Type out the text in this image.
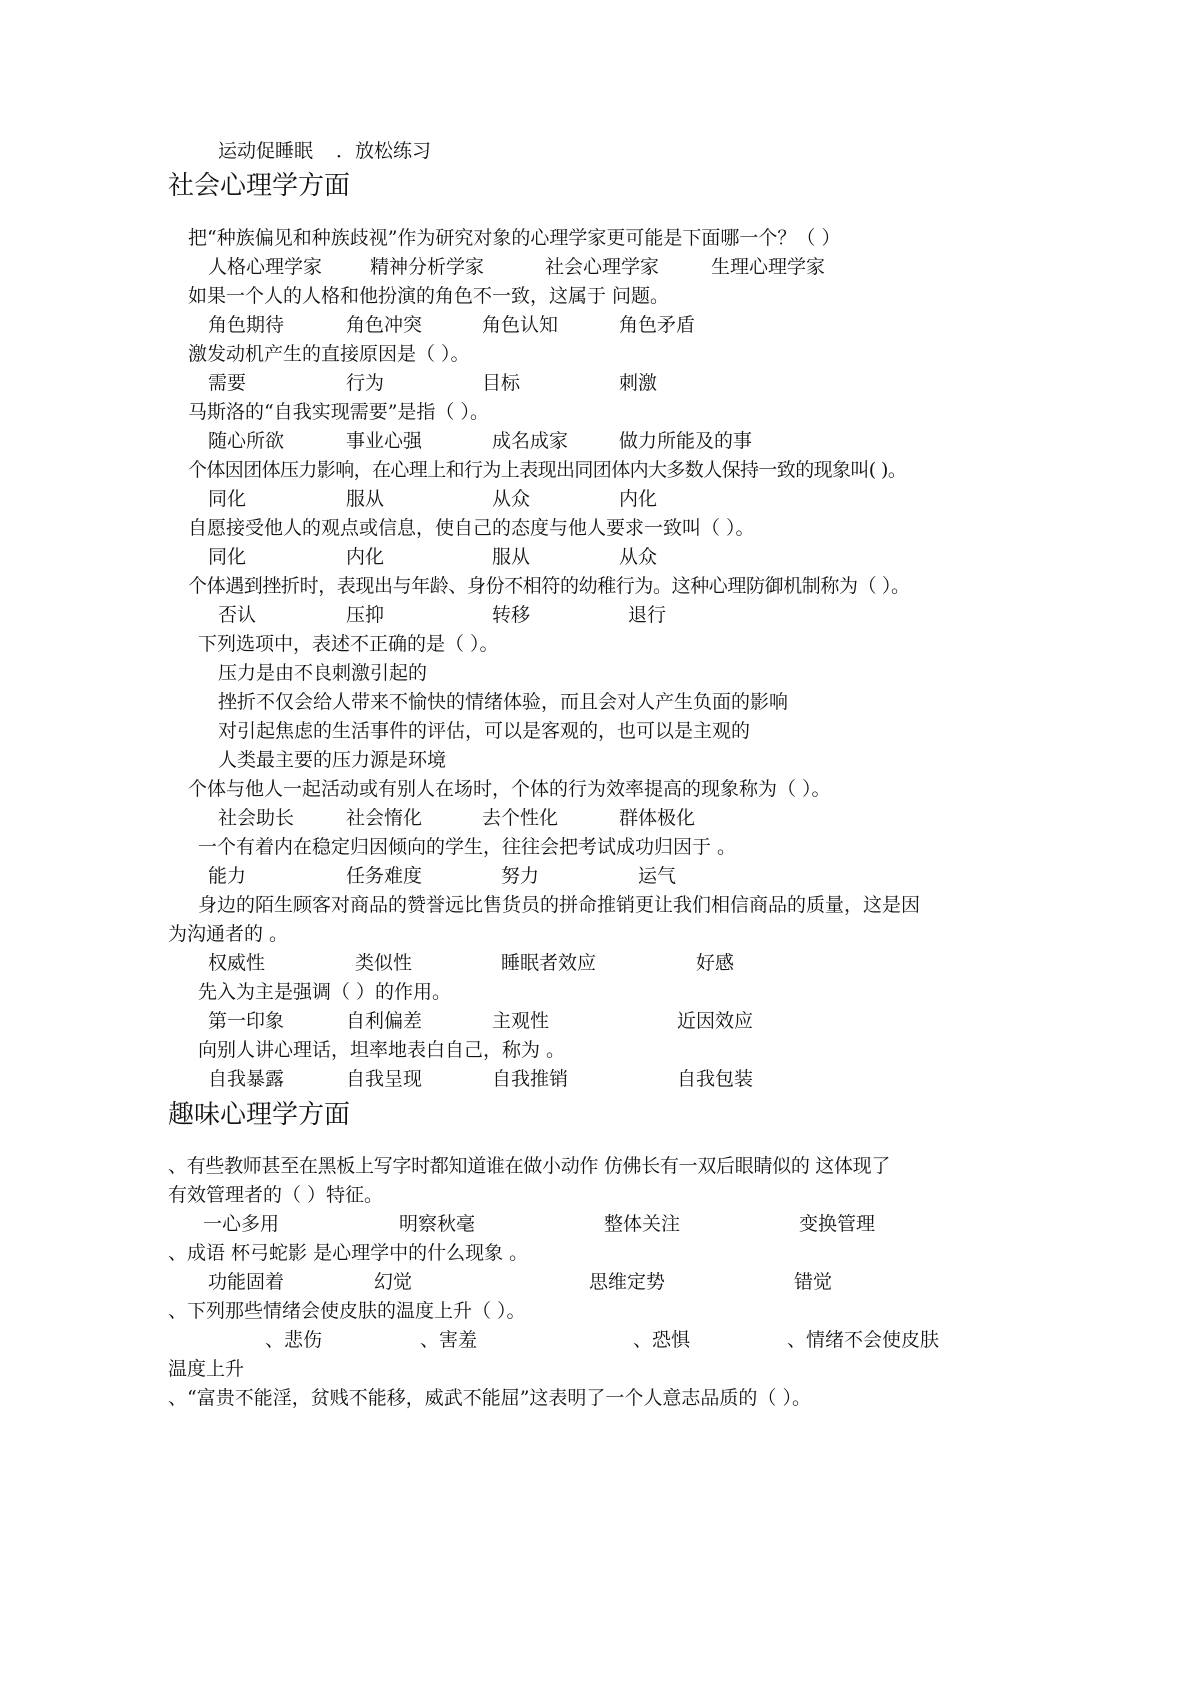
运动促睡眠 ．放松练习
社会心理学方面
把“种族偏见和种族歧视”作为研究对象的心理学家更可能是下面哪一个？（ ）
人格心理学家	精神分析学家	社会心理学家	生理心理学家
如果一个人的人格和他扮演的角色不一致，这属于 问题。
角色期待	角色冲突	角色认知	角色矛盾
激发动机产生的直接原因是（ ）。
需要	行为	目标	刺激
马斯洛的“自我实现需要”是指（ ）。
随心所欲	事业心强	成名成家	做力所能及的事
个体因团体压力影响，在心理上和行为上表现出同团体内大多数人保持一致的现象叫( )。
同化	服从	从众	内化
自愿接受他人的观点或信息，使自己的态度与他人要求一致叫（ ）。
同化	内化	服从	从众
个体遇到挫折时，表现出与年龄、身份不相符的幼稚行为。这种心理防御机制称为（ ）。
否认	压抑	转移	退行
下列选项中，表述不正确的是（ ）。
压力是由不良刺激引起的
挫折不仅会给人带来不愉快的情绪体验，而且会对人产生负面的影响
对引起焦虑的生活事件的评估，可以是客观的，也可以是主观的
人类最主要的压力源是环境
个体与他人一起活动或有别人在场时，个体的行为效率提高的现象称为（ ）。
社会助长	社会惰化	去个性化	群体极化
一个有着内在稳定归因倾向的学生，往往会把考试成功归因于 。
能力	任务难度	努力	运气
身边的陌生顾客对商品的赞誉远比售货员的拼命推销更让我们相信商品的质量，这是因
为沟通者的 。
权威性	类似性	睡眠者效应	好感
先入为主是强调（ ）的作用。
第一印象	自利偏差	主观性	近因效应
向别人讲心理话，坦率地表白自己，称为 。
自我暴露	自我呈现	自我推销	自我包装
趣味心理学方面
、有些教师甚至在黑板上写字时都知道谁在做小动作 仿佛长有一双后眼睛似的 这体现了
有效管理者的（ ）特征。
一心多用	明察秋毫	整体关注	变换管理
、成语 杯弓蛇影 是心理学中的什么现象 。
功能固着	幻觉	思维定势	错觉
、下列那些情绪会使皮肤的温度上升（ ）。
、悲伤	、害羞	、恐惧	、情绪不会使皮肤
温度上升
、“富贵不能淫，贫贱不能移，威武不能屈”这表明了一个人意志品质的（ ）。
